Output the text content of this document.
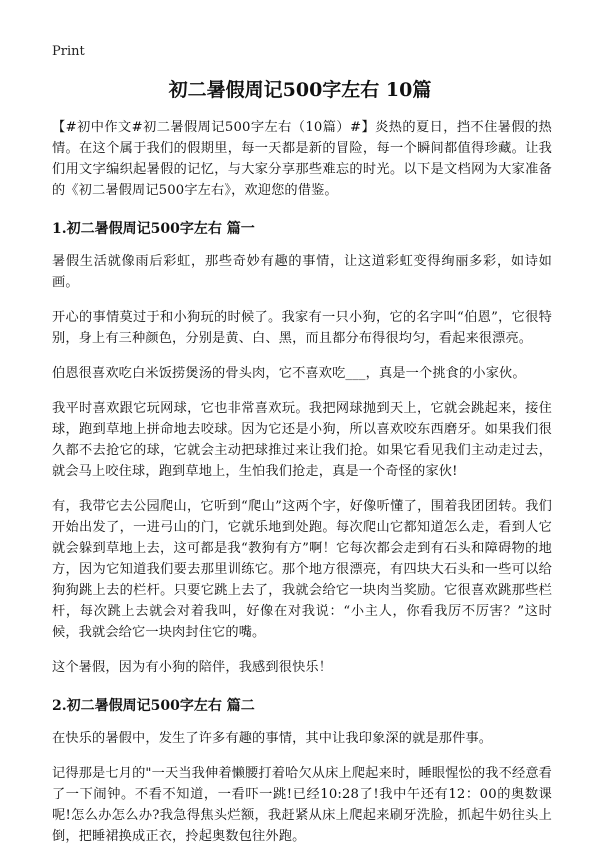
Print
初二暑假周记500字左右 10篇

【#初中作文#初二暑假周记500字左右（10篇）#】炎热的夏日，挡不住暑假的热情。在这个属于我们的假期里，每一天都是新的冒险，每一个瞬间都值得珍藏。让我们用文字编织起暑假的记忆，与大家分享那些难忘的时光。以下是文档网为大家准备的《初二暑假周记500字左右》，欢迎您的借鉴。

1.初二暑假周记500字左右 篇一

暑假生活就像雨后彩虹，那些奇妙有趣的事情，让这道彩虹变得绚丽多彩，如诗如画。

开心的事情莫过于和小狗玩的时候了。我家有一只小狗，它的名字叫“伯恩”，它很特别，身上有三种颜色，分别是黄、白、黑，而且都分布得很均匀，看起来很漂亮。

伯恩很喜欢吃白米饭捞煲汤的骨头肉，它不喜欢吃___，真是一个挑食的小家伙。

我平时喜欢跟它玩网球，它也非常喜欢玩。我把网球抛到天上，它就会跳起来，接住球，跑到草地上拼命地去咬球。因为它还是小狗，所以喜欢咬东西磨牙。如果我们很久都不去抢它的球，它就会主动把球推过来让我们抢。如果它看见我们主动走过去，就会马上咬住球，跑到草地上，生怕我们抢走，真是一个奇怪的家伙!

有，我带它去公园爬山，它听到“爬山”这两个字，好像听懂了，围着我团团转。我们开始出发了，一进弓山的门，它就乐地到处跑。每次爬山它都知道怎么走，看到人它就会躲到草地上去，这可都是我“教狗有方”啊！它每次都会走到有石头和障碍物的地方，因为它知道我们要去那里训练它。那个地方很漂亮，有四块大石头和一些可以给狗狗跳上去的栏杆。只要它跳上去了，我就会给它一块肉当奖励。它很喜欢跳那些栏杆，每次跳上去就会对着我叫，好像在对我说：“小主人，你看我厉不厉害？”这时候，我就会给它一块肉封住它的嘴。

这个暑假，因为有小狗的陪伴，我感到很快乐！

2.初二暑假周记500字左右 篇二

在快乐的暑假中，发生了许多有趣的事情，其中让我印象深的就是那件事。

记得那是七月的"一天当我伸着懒腰打着哈欠从床上爬起来时，睡眼惺忪的我不经意看了一下闹钟。不看不知道，一看吓一跳!已经10:28了!我中午还有12：00的奥数课呢!怎么办怎么办?我急得焦头烂额，我赶紧从床上爬起来刷牙洗脸，抓起牛奶往头上倒，把睡裙换成正衣，拎起奥数包往外跑。
